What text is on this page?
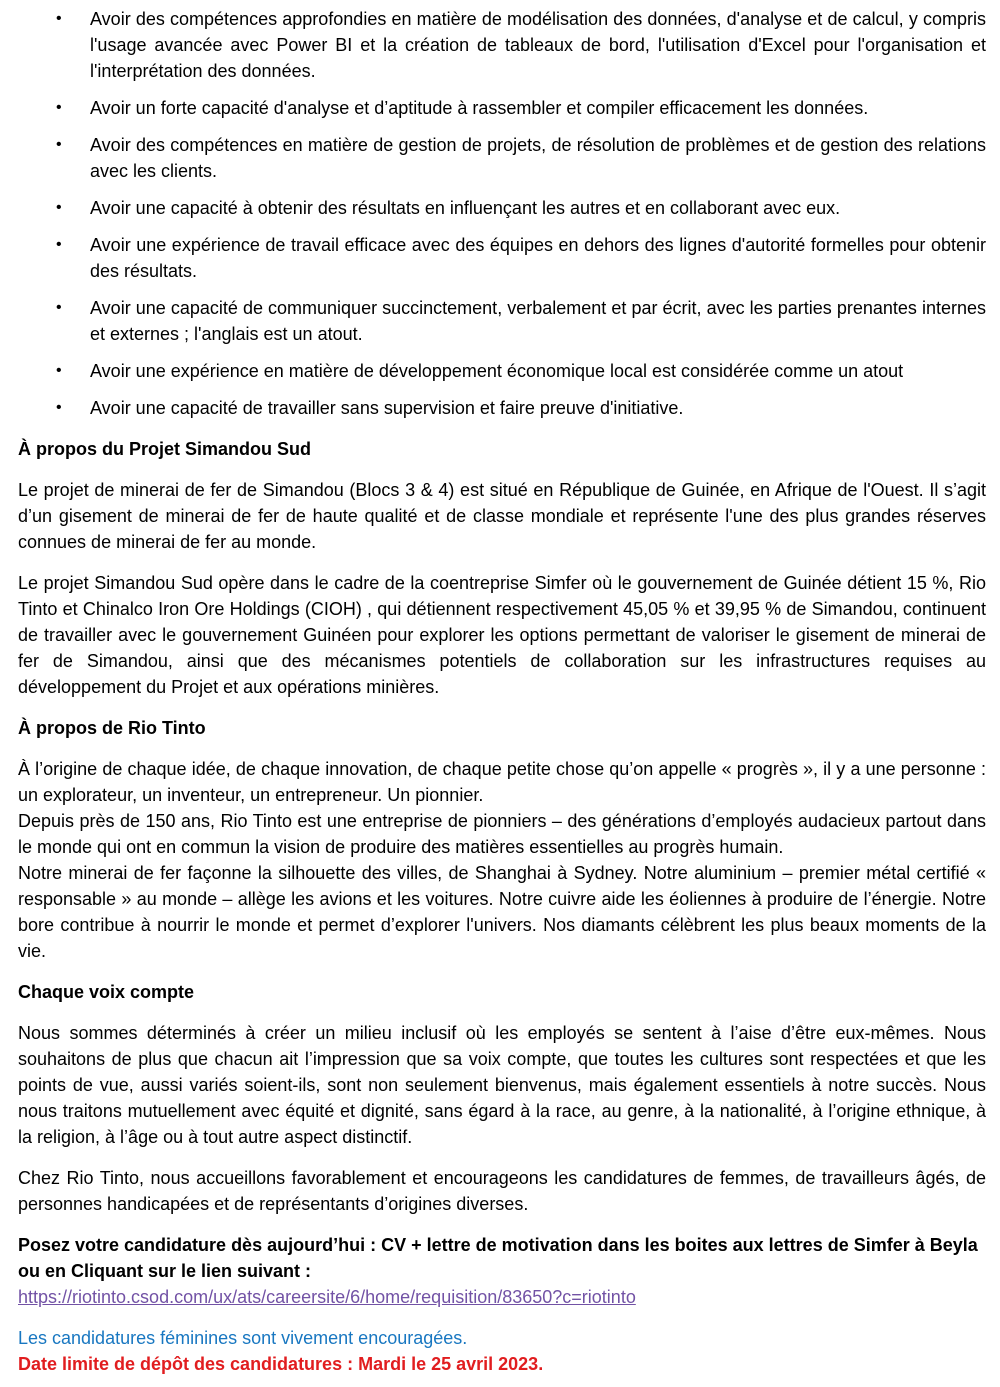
• Avoir des compétences approfondies en matière de modélisation des données, d'analyse et de calcul, y compris l'usage avancée avec Power BI et la création de tableaux de bord, l'utilisation d'Excel pour l'organisation et l'interprétation des données.
• Avoir un forte capacité d'analyse et d’aptitude à rassembler et compiler efficacement les données.
• Avoir des compétences en matière de gestion de projets, de résolution de problèmes et de gestion des relations avec les clients.
• Avoir une capacité à obtenir des résultats en influençant les autres et en collaborant avec eux.
• Avoir une expérience de travail efficace avec des équipes en dehors des lignes d'autorité formelles pour obtenir des résultats.
• Avoir une capacité de communiquer succinctement, verbalement et par écrit, avec les parties prenantes internes et externes ; l'anglais est un atout.
• Avoir une expérience en matière de développement économique local est considérée comme un atout
• Avoir une capacité de travailler sans supervision et faire preuve d'initiative.
À propos du Projet Simandou Sud

Le projet de minerai de fer de Simandou (Blocs 3 & 4) est situé en République de Guinée, en Afrique de l'Ouest. Il s’agit d’un gisement de minerai de fer de haute qualité et de classe mondiale et représente l'une des plus grandes réserves connues de minerai de fer au monde.

Le projet Simandou Sud opère dans le cadre de la coentreprise Simfer où le gouvernement de Guinée détient 15 %, Rio Tinto et Chinalco Iron Ore Holdings (CIOH) , qui détiennent respectivement 45,05 % et 39,95 % de Simandou, continuent de travailler avec le gouvernement Guinéen pour explorer les options permettant de valoriser le gisement de minerai de fer de Simandou, ainsi que des mécanismes potentiels de collaboration sur les infrastructures requises au développement du Projet et aux opérations minières.

À propos de Rio Tinto

À l’origine de chaque idée, de chaque innovation, de chaque petite chose qu’on appelle « progrès », il y a une personne : un explorateur, un inventeur, un entrepreneur. Un pionnier.

Depuis près de 150 ans, Rio Tinto est une entreprise de pionniers – des générations d’employés audacieux partout dans le monde qui ont en commun la vision de produire des matières essentielles au progrès humain.

Notre minerai de fer façonne la silhouette des villes, de Shanghai à Sydney. Notre aluminium – premier métal certifié « responsable » au monde – allège les avions et les voitures. Notre cuivre aide les éoliennes à produire de l’énergie. Notre bore contribue à nourrir le monde et permet d’explorer l'univers. Nos diamants célèbrent les plus beaux moments de la vie.

Chaque voix compte

Nous sommes déterminés à créer un milieu inclusif où les employés se sentent à l’aise d’être eux-mêmes. Nous souhaitons de plus que chacun ait l’impression que sa voix compte, que toutes les cultures sont respectées et que les points de vue, aussi variés soient-ils, sont non seulement bienvenus, mais également essentiels à notre succès. Nous nous traitons mutuellement avec équité et dignité, sans égard à la race, au genre, à la nationalité, à l’origine ethnique, à la religion, à l’âge ou à tout autre aspect distinctif.

Chez Rio Tinto, nous accueillons favorablement et encourageons les candidatures de femmes, de travailleurs âgés, de personnes handicapées et de représentants d’origines diverses.

Posez votre candidature dès aujourd’hui : CV + lettre de motivation dans les boites aux lettres de Simfer à Beyla ou en Cliquant sur le lien suivant :

https://riotinto.csod.com/ux/ats/careersite/6/home/requisition/83650?c=riotinto

Les candidatures féminines sont vivement encouragées.

Date limite de dépôt des candidatures : Mardi le 25 avril 2023.
